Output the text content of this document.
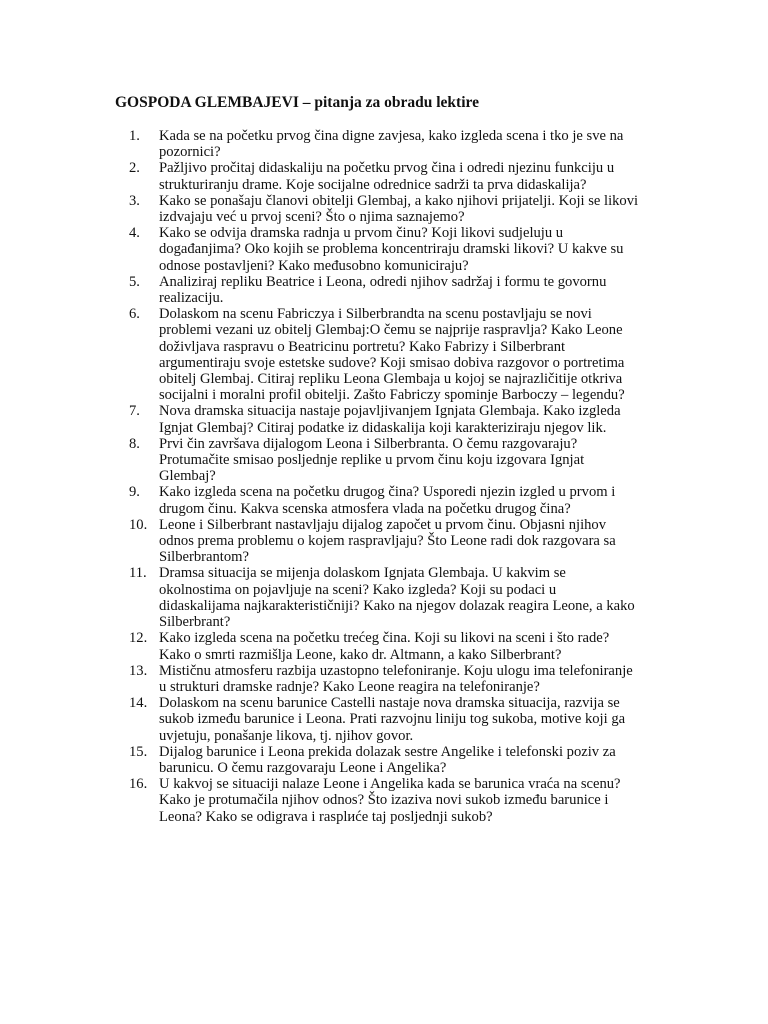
GOSPODA GLEMBAJEVI – pitanja za obradu lektire
1.	Kada se na početku prvog čina digne zavjesa, kako izgleda scena i tko je sve na
pozornici?
2.	Pažljivo pročitaj didaskaliju na početku prvog čina i odredi njezinu funkciju u
strukturiranju drame. Koje socijalne odrednice sadrži ta prva didaskalija?
3.	Kako se ponašaju članovi obitelji Glembaj, a kako njihovi prijatelji. Koji se likovi
izdvajaju već u prvoj sceni? Što o njima saznajemo?
4.	Kako se odvija dramska radnja u prvom činu? Koji likovi sudjeluju u
događanjima? Oko kojih se problema koncentriraju dramski likovi? U kakve su
odnose postavljeni? Kako međusobno komuniciraju?
5.	Analiziraj repliku Beatrice i Leona, odredi njihov sadržaj i formu te govornu
realizaciju.
6.	Dolaskom na scenu Fabriczya i Silberbrandta na scenu postavljaju se novi
problemi vezani uz obitelj Glembaj:O čemu se najprije raspravlja? Kako Leone
doživljava raspravu o Beatricinu portretu? Kako Fabrizy i Silberbrant
argumentiraju svoje estetske sudove? Koji smisao dobiva razgovor o portretima
obitelj Glembaj. Citiraj repliku Leona Glembaja u kojoj se najrazličitije otkriva
socijalni i moralni profil obitelji. Zašto Fabriczy spominje Barboczy – legendu?
7.	Nova dramska situacija nastaje pojavljivanjem Ignjata Glembaja. Kako izgleda
Ignjat Glembaj? Citiraj podatke iz didaskalija koji karakteriziraju njegov lik.
8.	Prvi čin završava dijalogom Leona i Silberbranta. O čemu razgovaraju?
Protumačite smisao posljednje replike u prvom činu koju izgovara Ignjat
Glembaj?
9.	Kako izgleda scena na početku drugog čina? Usporedi njezin izgled u prvom i
drugom činu. Kakva scenska atmosfera vlada na početku drugog čina?
10. Leone i Silberbrant nastavljaju dijalog započet u prvom činu. Objasni njihov
odnos prema problemu o kojem raspravljaju? Što Leone radi dok razgovara sa
Silberbrantom?
11. Dramsa situacija se mijenja dolaskom Ignjata Glembaja. U kakvim se
okolnostima on pojavljuje na sceni? Kako izgleda? Koji su podaci u
didaskalijama najkarakterističniji? Kako na njegov dolazak reagira Leone, a kako
Silberbrant?
12. Kako izgleda scena na početku trećeg čina. Koji su likovi na sceni i što rade?
Kako o smrti razmišlja Leone, kako dr. Altmann, a kako Silberbrant?
13. Mističnu atmosferu razbija uzastopno telefoniranje. Koju ulogu ima telefoniranje
u strukturi dramske radnje? Kako Leone reagira na telefoniranje?
14. Dolaskom na scenu barunice Castelli nastaje nova dramska situacija, razvija se
sukob između barunice i Leona. Prati razvojnu liniju tog sukoba, motive koji ga
uvjetuju, ponašanje likova, tj. njihov govor.
15. Dijalog barunice i Leona prekida dolazak sestre Angelike i telefonski poziv za
barunicu. O čemu razgovaraju Leone i Angelika?
16. U kakvoj se situaciji nalaze Leone i Angelika kada se barunica vraća na scenu?
Kako je protumačila njihov odnos? Što izaziva novi sukob između barunice i
Leona? Kako se odigrava i rasplиće taj posljednji sukob?
